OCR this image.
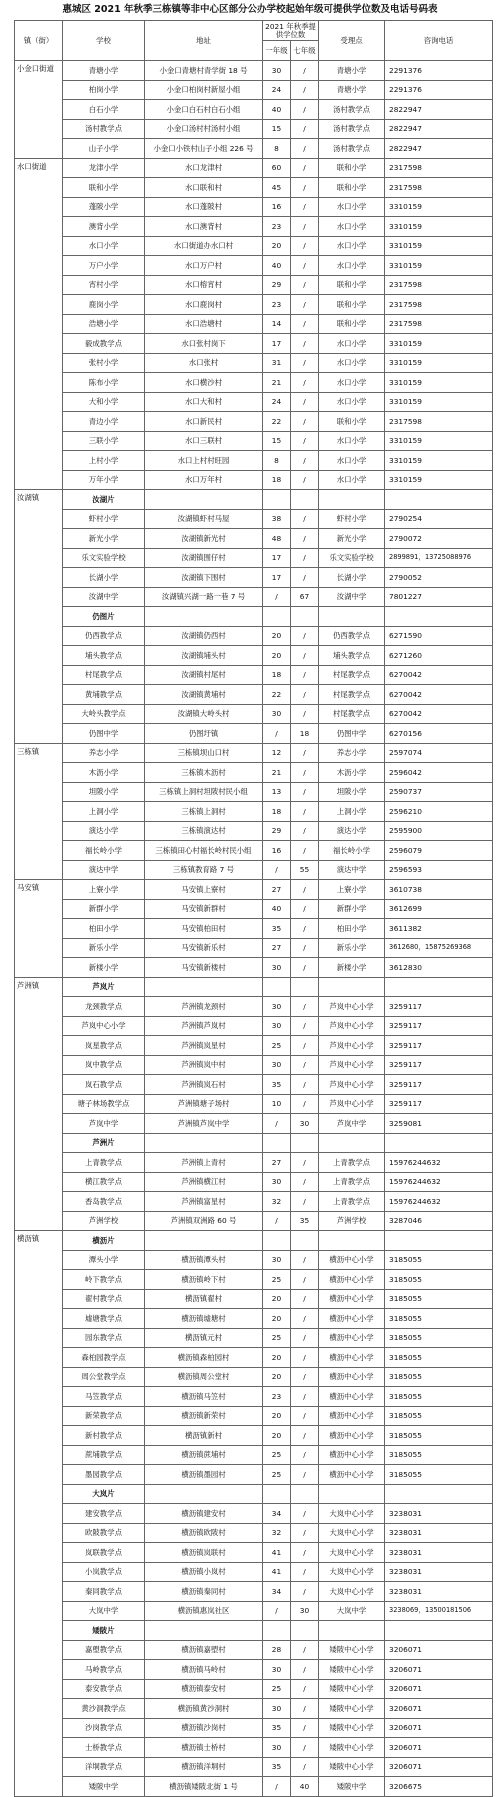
惠城区 2021 年秋季三栋镇等非中心区部分公办学校起始年级可提供学位数及电话号码表
镇（街）	学校	地址	2021 年秋季提供学位数		受理点	咨询电话
			一年级	七年级		
小金口街道	青塘小学	小金口青塘村青学街 18 号	30	/	青塘小学	2291376
	柏岗小学	小金口柏岗村新屋小组	24	/	青塘小学	2291376
	白石小学	小金口白石村白石小组	40	/	汤村教学点	2822947
	汤村教学点	小金口汤村村汤村小组	15	/	汤村教学点	2822947
	山子小学	小金口小铁村山子小组 226 号	8	/	汤村教学点	2822947
水口街道	龙津小学	水口龙津村	60	/	联和小学	2317598
	联和小学	水口联和村	45	/	联和小学	2317598
	蓬陂小学	水口蓬陂村	16	/	水口小学	3310159
	澳背小学	水口澳背村	23	/	水口小学	3310159
	水口小学	水口街道办水口村	20	/	水口小学	3310159
	万户小学	水口万户村	40	/	水口小学	3310159
	宵村小学	水口榕宵村	29	/	联和小学	2317598
	鹿岗小学	水口鹿岗村	23	/	联和小学	2317598
	浩塘小学	水口浩塘村	14	/	联和小学	2317598
	毅成教学点	水口张村岗下	17	/	水口小学	3310159
	张村小学	水口张村	31	/	水口小学	3310159
	陈布小学	水口横沙村	21	/	水口小学	3310159
	大和小学	水口大和村	24	/	水口小学	3310159
	青边小学	水口新民村	22	/	联和小学	2317598
	三联小学	水口三联村	15	/	水口小学	3310159
	上村小学	水口上村村旺园	8	/	水口小学	3310159
	万年小学	水口万年村	18	/	水口小学	3310159
汝湖镇	汝湖片					
	虾村小学	汝湖镇虾村马屋	38	/	虾村小学	2790254
	新光小学	汝湖镇新光村	48	/	新光小学	2790072
	乐文实验学校	汝湖镇围仔村	17	/	乐文实验学校	2899891，13725088976
	长湖小学	汝湖镇下围村	17	/	长湖小学	2790052
	汝湖中学	汝湖镇兴湖一路一巷 7 号	/	67	汝湖中学	7801227
	仍图片					
	仍西教学点	汝湖镇仍西村	20	/	仍西教学点	6271590
	埔头教学点	汝湖镇埔头村	20	/	埔头教学点	6271260
	村尾教学点	汝湖镇村尾村	18	/	村尾教学点	6270042
	黄埔教学点	汝湖镇黄埔村	22	/	村尾教学点	6270042
	大岭头教学点	汝湖镇大岭头村	30	/	村尾教学点	6270042
	仍图中学	仍图圩镇	/	18	仍图中学	6270156
三栋镇	养志小学	三栋镇坝山口村	12	/	养志小学	2597074
	木沥小学	三栋镇木沥村	21	/	木沥小学	2596042
	坦陂小学	三栋镇上洞村坦陂村民小组	13	/	坦陂小学	2590737
	上洞小学	三栋镇上洞村	18	/	上洞小学	2596210
	演达小学	三栋镇演达村	29	/	演达小学	2595900
	福长岭小学	三栋镇田心村福长岭村民小组	16	/	福长岭小学	2596079
	演达中学	三栋镇教育路 7 号	/	55	演达中学	2596593
马安镇	上寮小学	马安镇上寮村	27	/	上寮小学	3610738
	新群小学	马安镇新群村	40	/	新群小学	3612699
	柏田小学	马安镇柏田村	35	/	柏田小学	3611382
	新乐小学	马安镇新乐村	27	/	新乐小学	3612680，15875269368
	新楼小学	马安镇新楼村	30	/	新楼小学	3612830
芦洲镇	芦岚片					
	龙颈教学点	芦洲镇龙颈村	30	/	芦岚中心小学	3259117
	芦岚中心小学	芦洲镇芦岚村	30	/	芦岚中心小学	3259117
	岚星教学点	芦洲镇岚星村	25	/	芦岚中心小学	3259117
	岚中教学点	芦洲镇岚中村	30	/	芦岚中心小学	3259117
	岚石教学点	芦洲镇岚石村	35	/	芦岚中心小学	3259117
	塘子林场教学点	芦洲镇塘子场村	10	/	芦岚中心小学	3259117
	芦岚中学	芦洲镇芦岚中学	/	30	芦岚中学	3259081
	芦洲片					
	上青教学点	芦洲镇上青村	27	/	上青教学点	15976244632
	横江教学点	芦洲镇横江村	30	/	上青教学点	15976244632
	香岛教学点	芦洲镇富星村	32	/	上青教学点	15976244632
	芦洲学校	芦洲镇双洲路 60 号	/	35	芦洲学校	3287046
横沥镇	横沥片					
	潭头小学	横沥镇潭头村	30	/	横沥中心小学	3185055
	岭下教学点	横沥镇岭下村	25	/	横沥中心小学	3185055
	翟村教学点	横沥镇翟村	20	/	横沥中心小学	3185055
	墟塘教学点	横沥镇墟塘村	20	/	横沥中心小学	3185055
	园东教学点	横沥镇元村	25	/	横沥中心小学	3185055
	森柏园教学点	横沥镇森柏园村	20	/	横沥中心小学	3185055
	周公堂教学点	横沥镇周公堂村	20	/	横沥中心小学	3185055
	马笠教学点	横沥镇马笠村	23	/	横沥中心小学	3185055
	新荣教学点	横沥镇新荣村	20	/	横沥中心小学	3185055
	新村教学点	横沥镇新村	20	/	横沥中心小学	3185055
	蔗埔教学点	横沥镇蔗埔村	25	/	横沥中心小学	3185055
	墨园教学点	横沥镇墨园村	25	/	横沥中心小学	3185055
	大岚片					
	建安教学点	横沥镇建安村	34	/	大岚中心小学	3238031
	欧陂教学点	横沥镇欧陂村	32	/	大岚中心小学	3238031
	岚联教学点	横沥镇岚联村	41	/	大岚中心小学	3238031
	小岚教学点	横沥镇小岚村	41	/	大岚中心小学	3238031
	秦同教学点	横沥镇秦同村	34	/	大岚中心小学	3238031
	大岚中学	横沥镇惠岚社区	/	30	大岚中学	3238069，13500181506
	矮陂片					
	嘉塱教学点	横沥镇嘉塱村	28	/	矮陂中心小学	3206071
	马岭教学点	横沥镇马岭村	30	/	矮陂中心小学	3206071
	泰安教学点	横沥镇泰安村	25	/	矮陂中心小学	3206071
	黄沙洞教学点	横沥镇黄沙洞村	30	/	矮陂中心小学	3206071
	沙岗教学点	横沥镇沙岗村	35	/	矮陂中心小学	3206071
	士桥教学点	横沥镇士桥村	30	/	矮陂中心小学	3206071
	洋垌教学点	横沥镇洋垌村	35	/	矮陂中心小学	3206071
	矮陂中学	横沥镇矮陂北街 1 号	/	40	矮陂中学	3206675
